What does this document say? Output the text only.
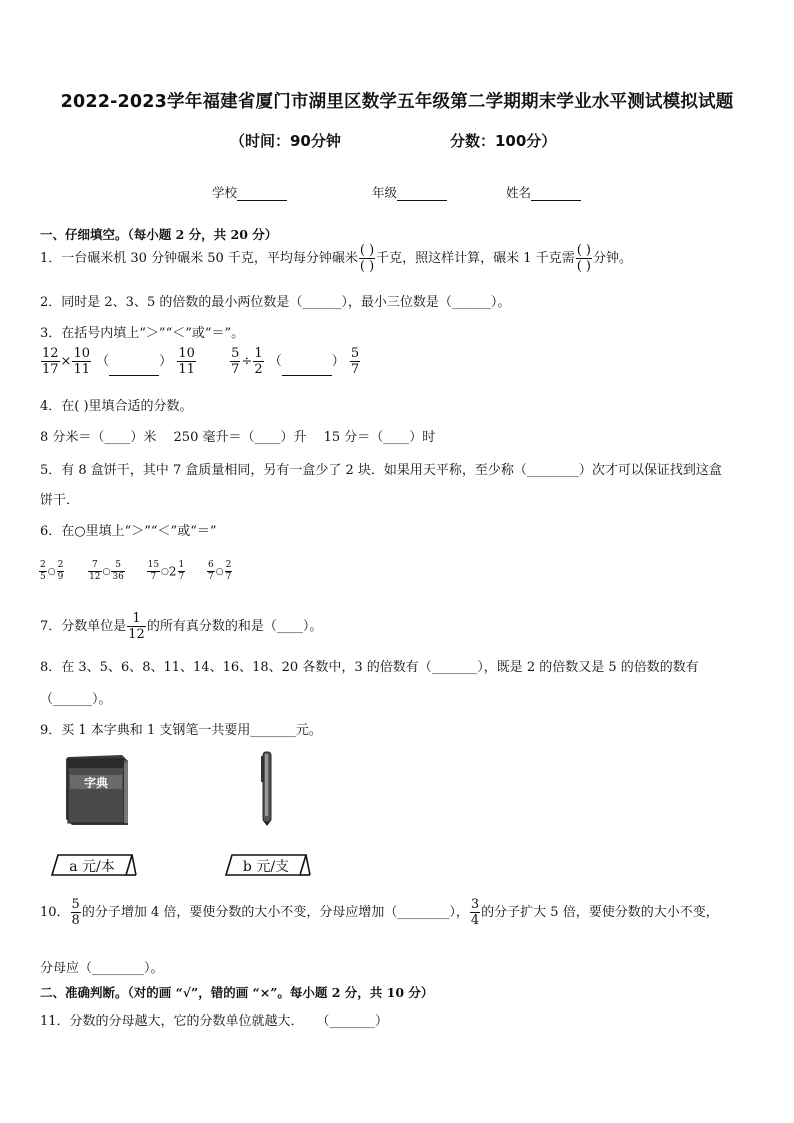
2022-2023学年福建省厦门市湖里区数学五年级第二学期期末学业水平测试模拟试题
（时间：90分钟	分数：100分）
学校	年级	姓名
一、仔细填空。（每小题 2 分，共 20 分）
1．一台碾米机 30 分钟碾米 50 千克，平均每分钟碾米 $\frac{( )}{( )}$ 千克，照这样计算，碾米 1 千克需 $\frac{( )}{( )}$ 分钟。
2．同时是 2、3、5 的倍数的最小两位数是（______），最小三位数是（______）。
3．在括号内填上“＞”“＜”或“＝”。
$\frac{12}{17} \times \frac{10}{11}$ （	） $\frac{10}{11}$
	$\frac{5}{7} \div \frac{1}{2}$ （	） $\frac{5}{7}$
4．在( )里填合适的分数。
8 分米＝（____）米　 250 毫升＝（____）升　 15 分＝（____）时
5．有 8 盒饼干，其中 7 盒质量相同，另有一盒少了 2 块．如果用天平称，至少称（________）次才可以保证找到这盒
饼干．
6．在○里填上“＞”“＜”或“＝”
$\frac{2}{5}$ ○ $\frac{2}{9}$
	$\frac{7}{12}$ ○ $\frac{5}{36}$
$\frac{15}{7}$ ○2 $\frac{1}{7}$
$\frac{6}{7}$ ○ $\frac{2}{7}$
7．分数单位是 $\frac{1}{12}$ 的所有真分数的和是（____）。
8．在 3、5、6、8、11、14、16、18、20 各数中，3 的倍数有（_______），既是 2 的倍数又是 5 的倍数的数有
（______）。
9．买 1 本字典和 1 支钢笔一共要用_______元。
字典
a 元/本	b 元/支
10． $\frac{5}{8}$ 的分子增加 4 倍，要使分数的大小不变，分母应增加（________）， $\frac{3}{4}$ 的分子扩大 5 倍，要使分数的大小不变，
分母应（________）。
二、准确判断。（对的画 “√”，错的画 “×”。每小题 2 分，共 10 分）
11．分数的分母越大，它的分数单位就越大．　　（_______）
